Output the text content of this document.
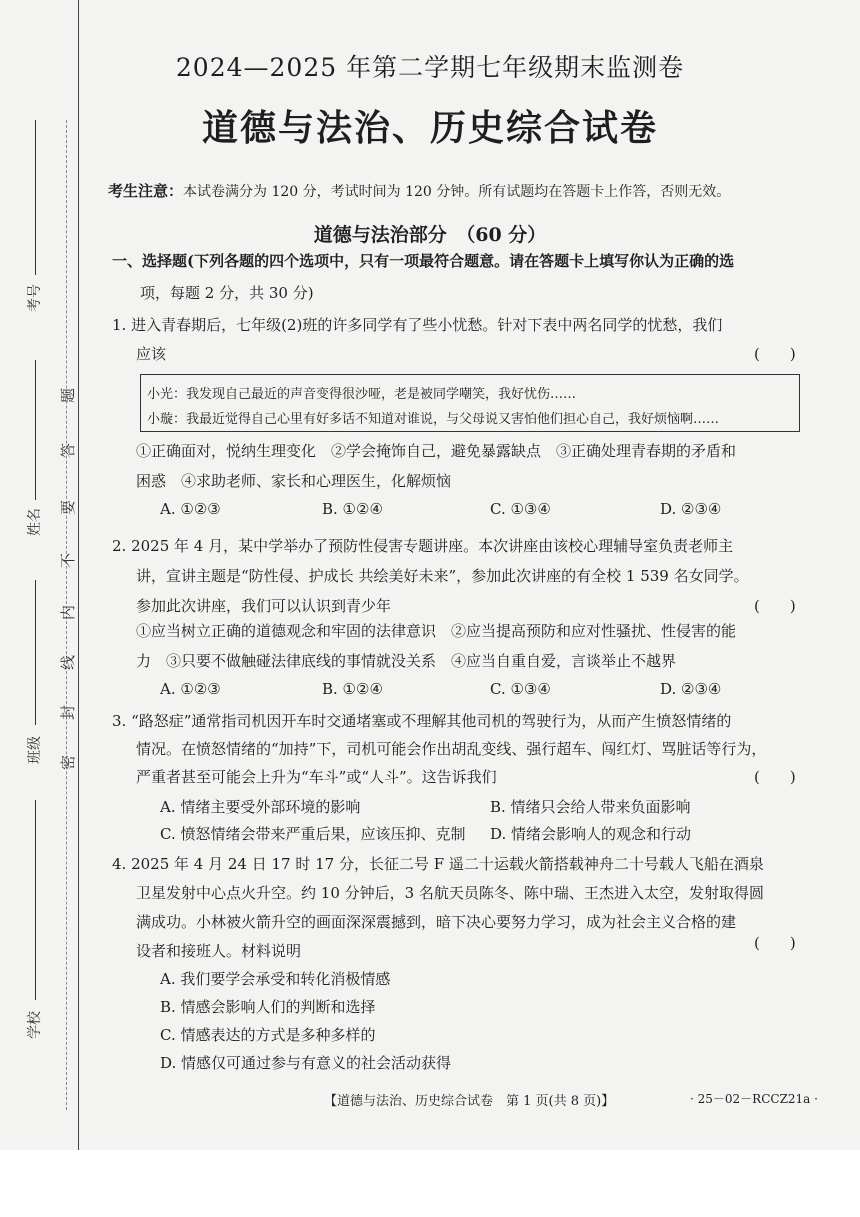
考号
姓名
班级
学校
题
答
要
不
内
线
封
密
2024—2025 年第二学期七年级期末监测卷
道德与法治、历史综合试卷
考生注意：本试卷满分为 120 分，考试时间为 120 分钟。所有试题均在答题卡上作答，否则无效。
道德与法治部分　（60 分）
一、选择题(下列各题的四个选项中，只有一项最符合题意。请在答题卡上填写你认为正确的选
项，每题 2 分，共 30 分)
1. 进入青春期后，七年级(2)班的许多同学有了些小忧愁。针对下表中两名同学的忧愁，我们
应该	(　　)

小光：我发现自己最近的声音变得很沙哑，老是被同学嘲笑，我好忧伤……

小璇：我最近觉得自己心里有好多话不知道对谁说，与父母说又害怕他们担心自己，我好烦恼啊……

①正确面对，悦纳生理变化　②学会掩饰自己，避免暴露缺点　③正确处理青春期的矛盾和
困惑　④求助老师、家长和心理医生，化解烦恼
A. ①②③	B. ①②④	C. ①③④	D. ②③④
2. 2025 年 4 月，某中学举办了预防性侵害专题讲座。本次讲座由该校心理辅导室负责老师主
讲，宣讲主题是“防性侵、护成长 共绘美好未来”，参加此次讲座的有全校 1 539 名女同学。
参加此次讲座，我们可以认识到青少年	(　　)
①应当树立正确的道德观念和牢固的法律意识　②应当提高预防和应对性骚扰、性侵害的能
力　③只要不做触碰法律底线的事情就没关系　④应当自重自爱，言谈举止不越界
A. ①②③	B. ①②④	C. ①③④	D. ②③④
3. “路怒症”通常指司机因开车时交通堵塞或不理解其他司机的驾驶行为，从而产生愤怒情绪的
情况。在愤怒情绪的“加持”下，司机可能会作出胡乱变线、强行超车、闯红灯、骂脏话等行为，
严重者甚至可能会上升为“车斗”或“人斗”。这告诉我们	(　　)
A. 情绪主要受外部环境的影响	B. 情绪只会给人带来负面影响
C. 愤怒情绪会带来严重后果，应该压抑、克制 D. 情绪会影响人的观念和行动
4. 2025 年 4 月 24 日 17 时 17 分，长征二号 F 遥二十运载火箭搭载神舟二十号载人飞船在酒泉
卫星发射中心点火升空。约 10 分钟后，3 名航天员陈冬、陈中瑞、王杰进入太空，发射取得圆
满成功。小林被火箭升空的画面深深震撼到，暗下决心要努力学习，成为社会主义合格的建
设者和接班人。材料说明	(　　)
A. 我们要学会承受和转化消极情感
B. 情感会影响人们的判断和选择
C. 情感表达的方式是多种多样的
D. 情感仅可通过参与有意义的社会活动获得
【道德与法治、历史综合试卷　第 1 页(共 8 页)】	· 25－02－RCCZ21a ·
